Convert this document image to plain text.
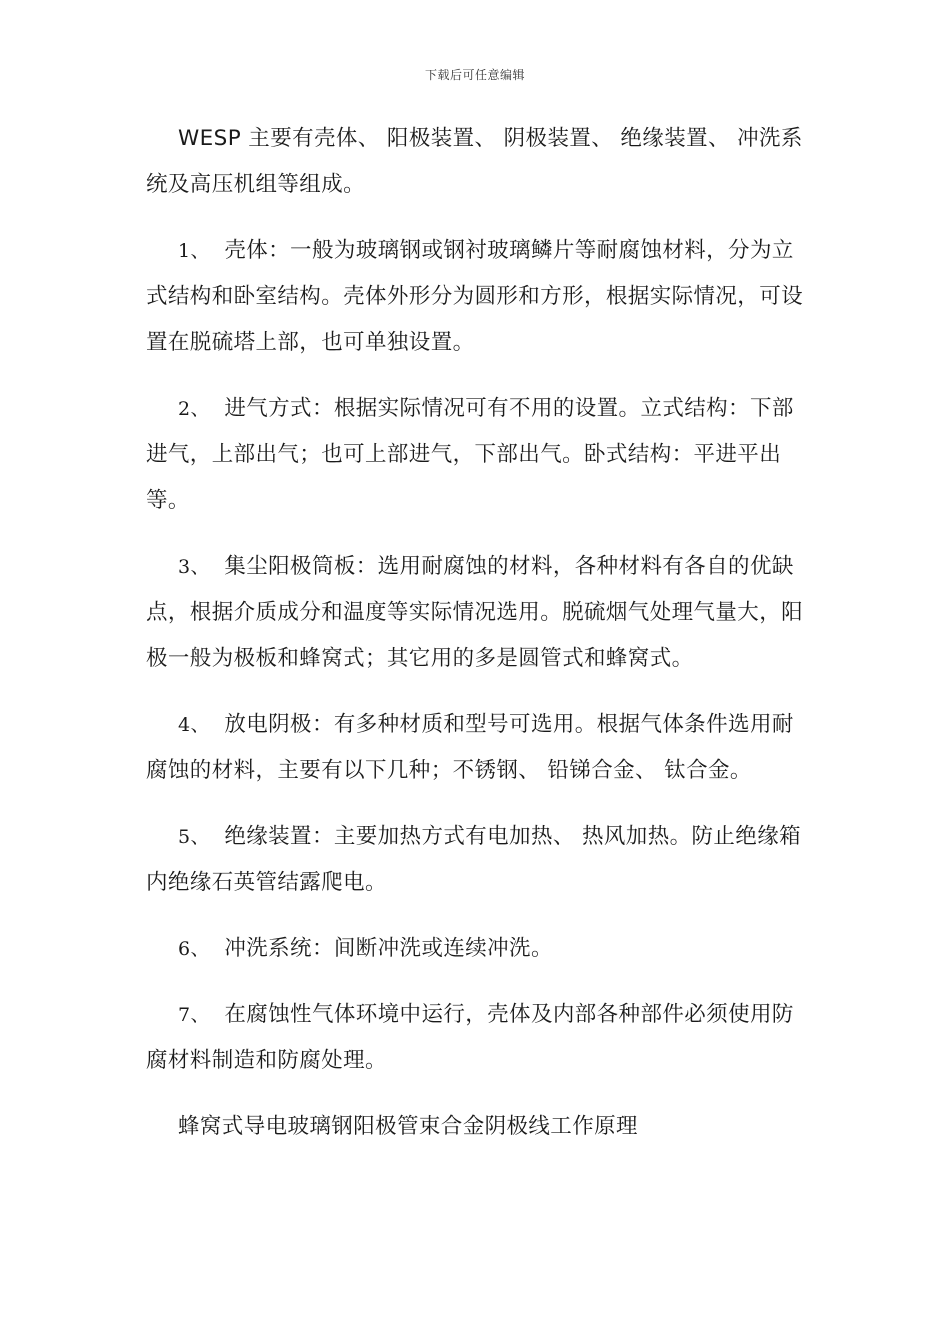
下载后可任意编辑

WESP 主要有壳体、 阳极装置、 阴极装置、 绝缘装置、 冲洗系统及高压机组等组成。

1、 壳体：一般为玻璃钢或钢衬玻璃鳞片等耐腐蚀材料，分为立式结构和卧室结构。壳体外形分为圆形和方形，根据实际情况，可设置在脱硫塔上部，也可单独设置。

2、 进气方式：根据实际情况可有不用的设置。立式结构：下部进气，上部出气；也可上部进气，下部出气。卧式结构：平进平出等。

3、 集尘阳极筒板：选用耐腐蚀的材料，各种材料有各自的优缺点，根据介质成分和温度等实际情况选用。脱硫烟气处理气量大，阳极一般为极板和蜂窝式；其它用的多是圆管式和蜂窝式。

4、 放电阴极：有多种材质和型号可选用。根据气体条件选用耐腐蚀的材料，主要有以下几种；不锈钢、 铅锑合金、 钛合金。

5、 绝缘装置：主要加热方式有电加热、 热风加热。防止绝缘箱内绝缘石英管结露爬电。

6、 冲洗系统：间断冲洗或连续冲洗。

7、 在腐蚀性气体环境中运行，壳体及内部各种部件必须使用防腐材料制造和防腐处理。

蜂窝式导电玻璃钢阳极管束合金阴极线工作原理
